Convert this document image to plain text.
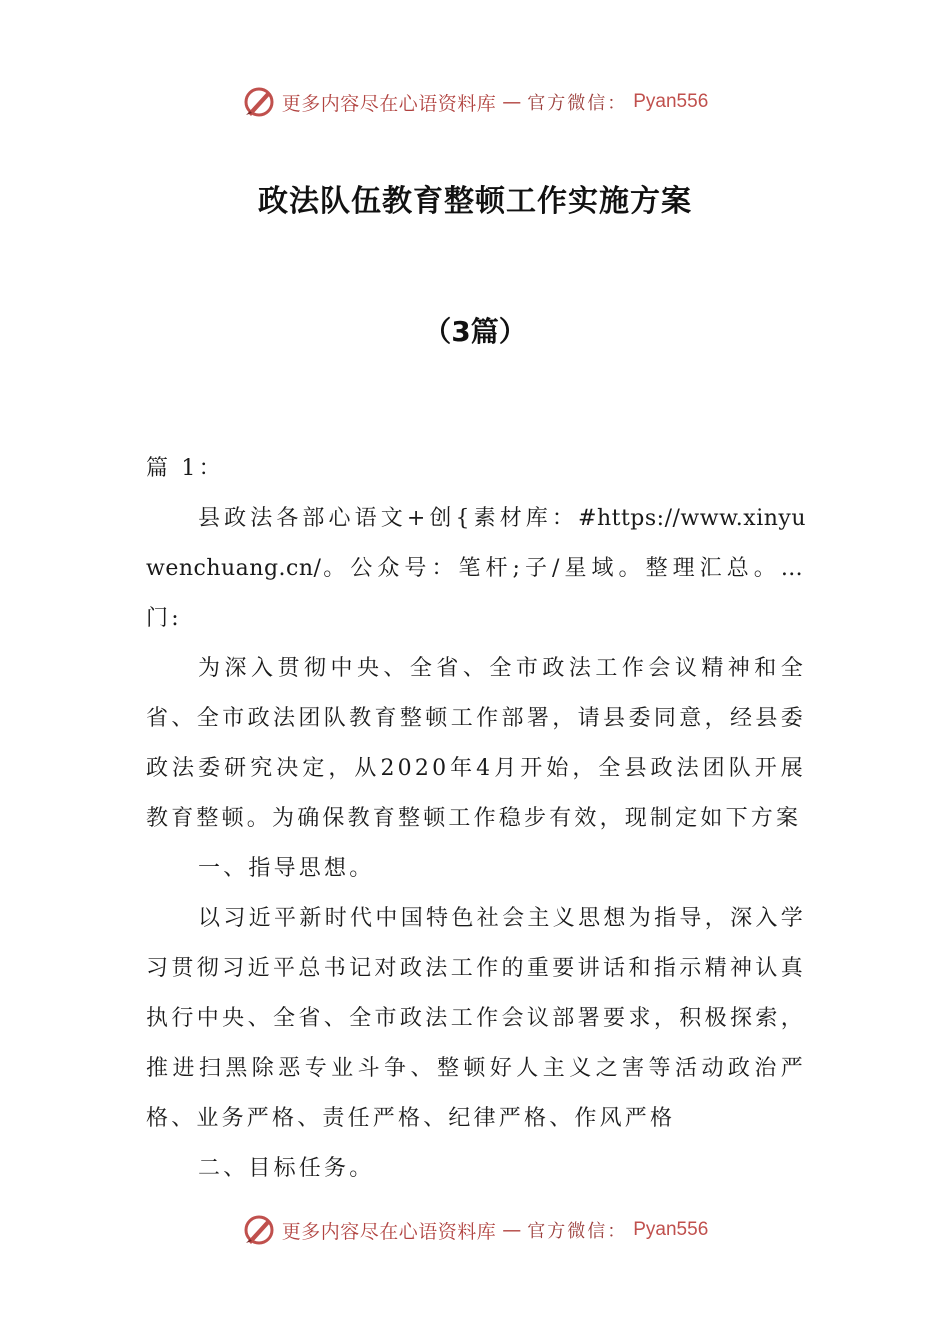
更多内容尽在心语资料库 — 官方微信： Pyan556
政法队伍教育整顿工作实施方案
（3篇）

篇 1：

县政法各部心语文+创{素材库：#https://www.xinyuwenchuang.cn/。公众号：笔杆;子/星域。整理汇总。…门:

为深入贯彻中央、全省、全市政法工作会议精神和全省、全市政法团队教育整顿工作部署，请县委同意，经县委政法委研究决定，从2020年4月开始，全县政法团队开展教育整顿。为确保教育整顿工作稳步有效，现制定如下方案

一、指导思想。

以习近平新时代中国特色社会主义思想为指导，深入学习贯彻习近平总书记对政法工作的重要讲话和指示精神认真执行中央、全省、全市政法工作会议部署要求，积极探索，推进扫黑除恶专业斗争、整顿好人主义之害等活动政治严格、业务严格、责任严格、纪律严格、作风严格

二、目标任务。

更多内容尽在心语资料库 — 官方微信： Pyan556
